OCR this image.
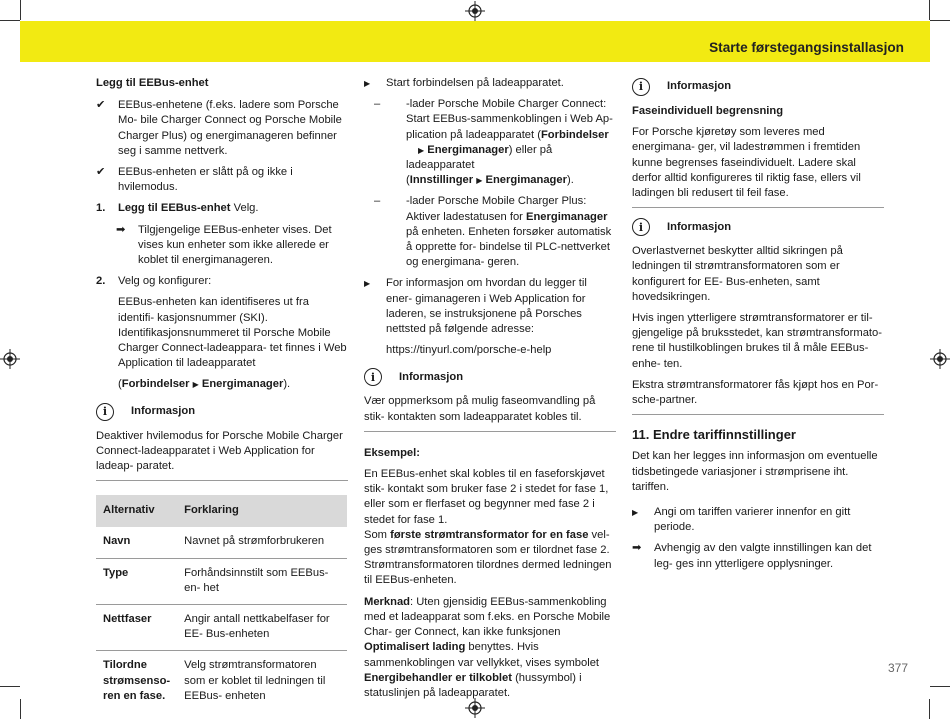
Starte førstegangsinstallasjon
Legg til EEBus-enhet
✔ EEBus-enhetene (f.eks. ladere som Porsche Mo- bile Charger Connect og Porsche Mobile Charger Plus) og energimanageren befinner seg i samme nettverk.
✔ EEBus-enheten er slått på og ikke i hvilemodus.
1. Legg til EEBus-enhet Velg.
➡ Tilgjengelige EEBus-enheter vises. Det vises kun enheter som ikke allerede er koblet til energimanageren.
2. Velg og konfigurer:

EEBus-enheten kan identifiseres ut fra identifi- kasjonsnummer (SKI). Identifikasjonsnummeret til Porsche Mobile Charger Connect-ladeappara- tet finnes i Web Application til ladeapparatet

(Forbindelser ▶ Energimanager).

i	Informasjon

Deaktiver hvilemodus for Porsche Mobile Charger Connect-ladeapparatet i Web Application for ladeap- paratet.

Alternativ	Forklaring
Navn	Navnet på strømforbrukeren
Type	Forhåndsinnstilt som EEBus-en- het
Nettfaser	Angir antall nettkabelfaser for EE- Bus-enheten
Tilordne strømsenso- ren en fase.	Velg strømtransformatoren som er koblet til ledningen til EEBus- enheten
▶ Start forbindelsen på ladeapparatet.
– -lader Porsche Mobile Charger Connect: Start EEBus-sammenkoblingen i Web Ap- plication på ladeapparatet (Forbindelser
▶ Energimanager) eller på ladeapparatet
(Innstillinger ▶ Energimanager).
– -lader Porsche Mobile Charger Plus: Aktiver ladestatusen for Energimanager på enheten. Enheten forsøker automatisk å opprette for- bindelse til PLC-nettverket og energimana- geren.
▶ For informasjon om hvordan du legger til ener- gimanageren i Web Application for laderen, se instruksjonene på Porsches nettsted på følgende adresse:

https://tinyurl.com/porsche-e-help

i	Informasjon

Vær oppmerksom på mulig faseomvandling på stik- kontakten som ladeapparatet kobles til.

Eksempel:

En EEBus-enhet skal kobles til en faseforskjøvet stik- kontakt som bruker fase 2 i stedet for fase 1, eller som er flerfaset og begynner med fase 2 i stedet for fase 1.

Som første strømtransformator for en fase vel- ges strømtransformatoren som er tilordnet fase 2. Strømtransformatoren tilordnes dermed ledningen til EEBus-enheten.

Merknad: Uten gjensidig EEBus-sammenkobling med et ladeapparat som f.eks. en Porsche Mobile Char- ger Connect, kan ikke funksjonen Optimalisert lading benyttes. Hvis sammenkoblingen var vellykket, vises symbolet Energibehandler er tilkoblet (hussymbol) i statuslinjen på ladeapparatet.

i	Informasjon

Faseindividuell begrensning

For Porsche kjøretøy som leveres med energimana- ger, vil ladestrømmen i fremtiden kunne begrenses faseindividuelt. Ladere skal derfor alltid konfigureres til riktig fase, ellers vil ladingen bli redusert til feil fase.

i	Informasjon

Overlastvernet beskytter alltid sikringen på ledningen til strømtransformatoren som er konfigurert for EE- Bus-enheten, samt hovedsikringen.

Hvis ingen ytterligere strømtransformatorer er til- gjengelige på bruksstedet, kan strømtransformato- rene til hustilkoblingen brukes til å måle EEBus-enhe- ten.

Ekstra strømtransformatorer fås kjøpt hos en Por- sche-partner.

11. Endre tariffinnstillinger

Det kan her legges inn informasjon om eventuelle tidsbetingede variasjoner i strømprisene iht. tariffen.

▶ Angi om tariffen varierer innenfor en gitt periode.
➡ Avhengig av den valgte innstillingen kan det leg- ges inn ytterligere opplysninger.
377
